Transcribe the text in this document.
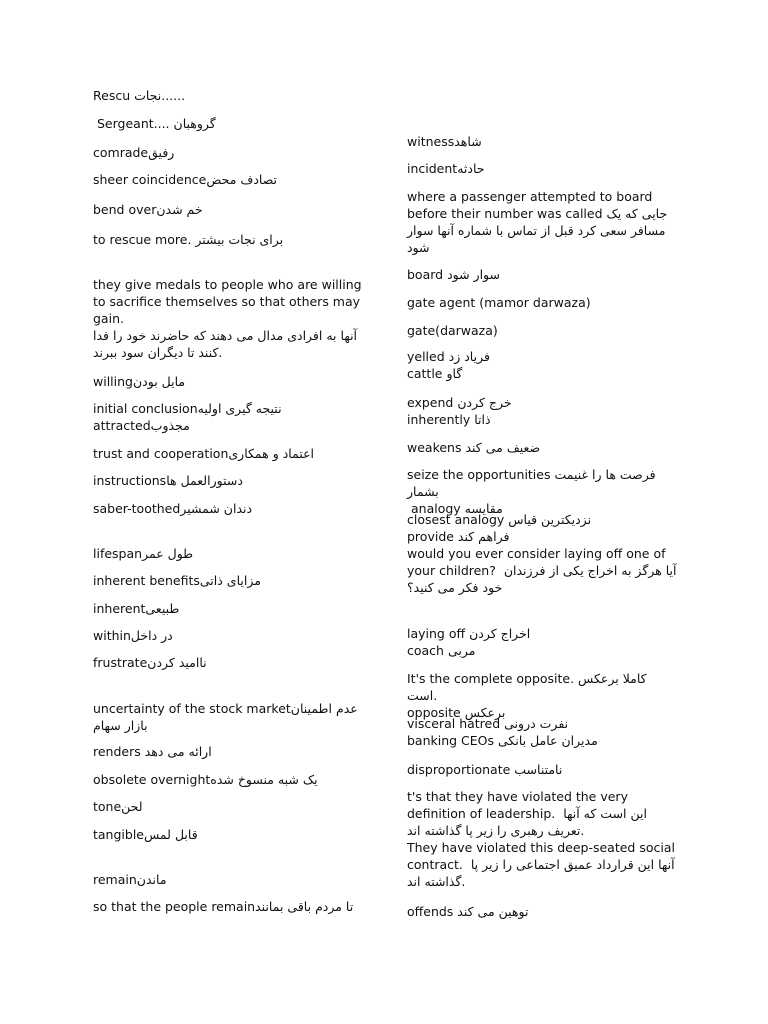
Rescu نجات......
Sergeant.... گروهبان
comradeرفیق
sheer coincidenceتصادف محض
bend overخم شدن
to rescue more. برای نجات بیشتر
they give medals to people who are willing to sacrifice themselves so that others may gain.
آنها به افرادی مدال می دهند که حاضرند خود را فدا کنند تا دیگران سود ببرند.
willingمایل بودن
initial conclusionنتیجه گیری اولیه
attractedمجذوب
trust and cooperationاعتماد و همکاری
instructionsدستورالعمل ها
saber-toothedدندان شمشیر
lifespanطول عمر
inherent benefitsمزایای ذاتی
inherentطبیعی
withinدر داخل
frustrateناامید کردن
uncertainty of the stock marketعدم اطمینان بازار سهام
renders ارائه می دهد
obsolete overnightیک شبه منسوخ شده
toneلحن
tangibleقابل لمس
remainماندن
so that the people remainتا مردم باقی بمانند
witnessشاهد
incidentحادثه
where a passenger attempted to board before their number was called جایی که یک مسافر سعی کرد قبل از تماس با شماره آنها سوار شود
board سوار شود
gate agent (mamor darwaza)
gate(darwaza)
yelled فریاد زد
cattle گاو
expend خرج کردن
inherently ذاتا
weakens ضعیف می کند
seize the opportunities فرصت ها را غنیمت بشمار
analogy مقایسه
closest analogy نزدیکترین قیاس
provide فراهم کند
would you ever consider laying off one of your children?  آیا هرگز به اخراج یکی از فرزندان خود فکر می کنید؟
laying off اخراج کردن
coach مربی
It's the complete opposite. کاملا برعکس است.
opposite برعکس
visceral hatred نفرت درونی
banking CEOs مدیران عامل بانکی
disproportionate نامتناسب
t's that they have violated the very definition of leadership.  این است که آنها تعریف رهبری را زیر پا گذاشته اند.
They have violated this deep-seated social contract.  آنها این قرارداد عمیق اجتماعی را زیر پا گذاشته اند.
offends توهین می کند
